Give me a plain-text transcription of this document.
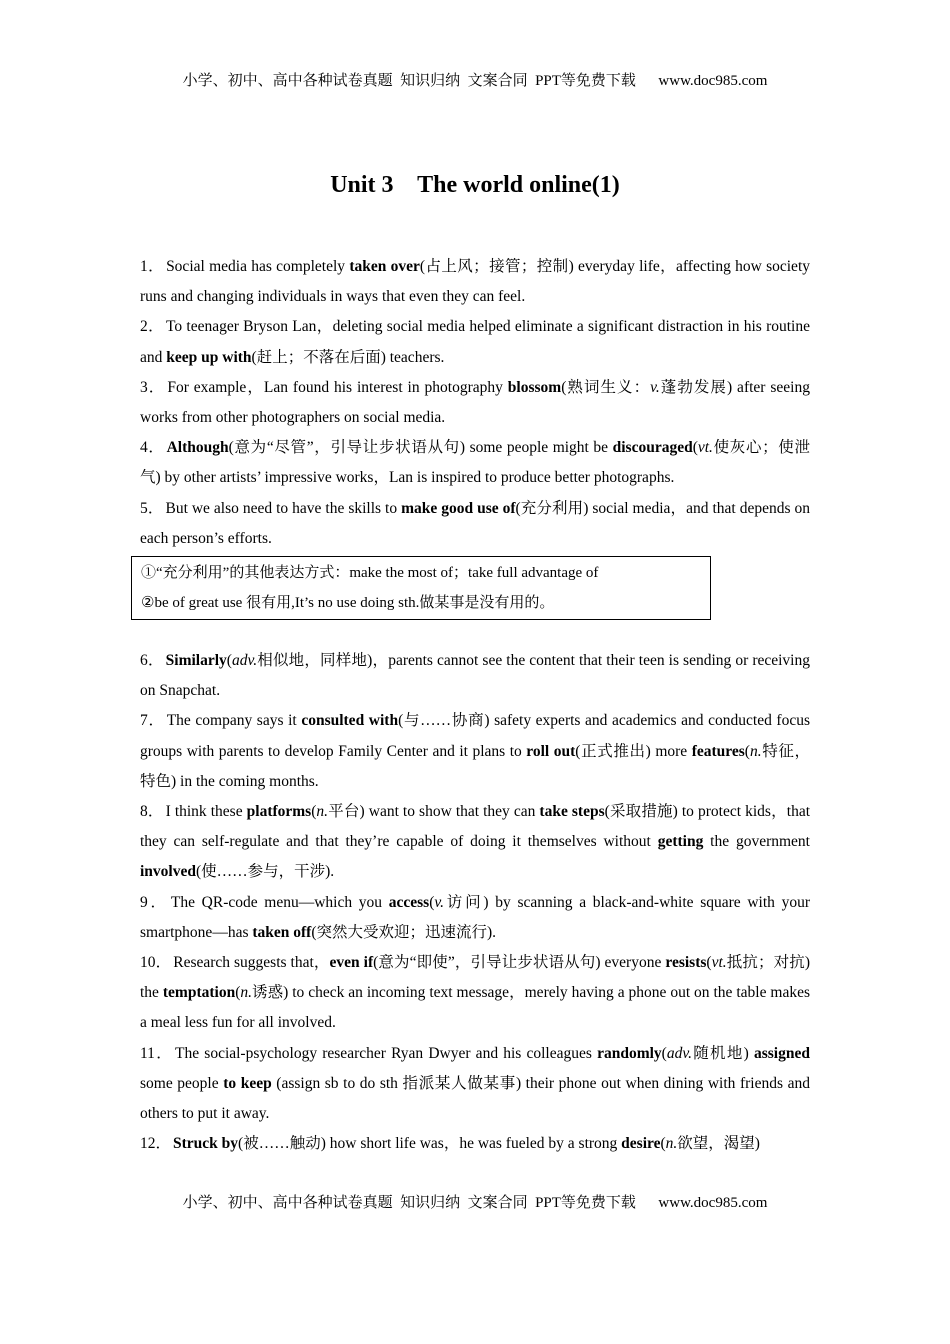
小学、初中、高中各种试卷真题  知识归纳  文案合同  PPT等免费下载      www.doc985.com
Unit 3    The world online(1)
1． Social media has completely taken over(占上风；接管；控制) everyday life，affecting how society runs and changing individuals in ways that even they can feel.
2． To teenager Bryson Lan，deleting social media helped eliminate a significant distraction in his routine and keep up with(赶上；不落在后面) teachers.
3． For example，Lan found his interest in photography blossom(熟词生义：v.蓬勃发展) after seeing works from other photographers on social media.
4． Although(意为“尽管”，引导让步状语从句) some people might be discouraged(vt.使灰心；使泄气) by other artists’ impressive works，Lan is inspired to produce better photographs.
5． But we also need to have the skills to make good use of(充分利用) social media，and that depends on each person’s efforts.
①“充分利用”的其他表达方式：make the most of；take full advantage of
②be of great use 很有用,It’s no use doing sth.做某事是没有用的。
6． Similarly(adv.相似地，同样地)，parents cannot see the content that their teen is sending or receiving on Snapchat.
7． The company says it consulted with(与……协商) safety experts and academics and conducted focus groups with parents to develop Family Center and it plans to roll out(正式推出) more features(n.特征，特色) in the coming months.
8． I think these platforms(n.平台) want to show that they can take steps(采取措施) to protect kids，that they can self-regulate and that they’re capable of doing it themselves without getting the government involved(使……参与，干涉).
9． The QR-code menu—which you access(v.访问) by scanning a black-and-white square with your smartphone—has taken off(突然大受欢迎；迅速流行).
10． Research suggests that，even if(意为“即使”，引导让步状语从句) everyone resists(vt.抵抗；对抗) the temptation(n.诱惑) to check an incoming text message，merely having a phone out on the table makes a meal less fun for all involved.
11． The social-psychology researcher Ryan Dwyer and his colleagues randomly(adv.随机地) assigned some people to keep (assign sb to do sth 指派某人做某事) their phone out when dining with friends and others to put it away.
12． Struck by(被……触动) how short life was，he was fueled by a strong desire(n.欲望，渴望)
小学、初中、高中各种试卷真题  知识归纳  文案合同  PPT等免费下载      www.doc985.com
